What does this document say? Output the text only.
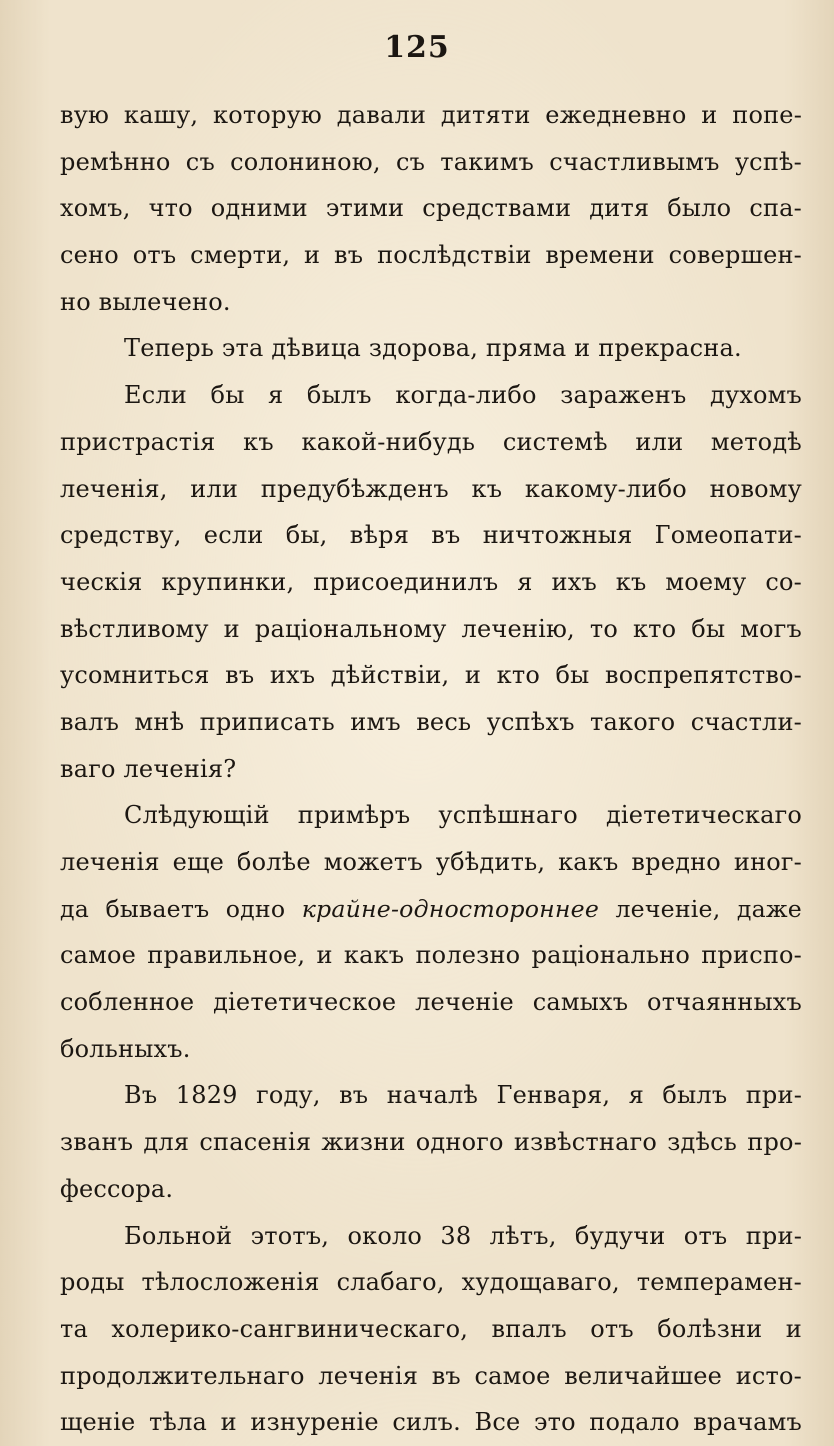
125
вую кашу, которую давали дитяти ежедневно и попе-
ремѣнно съ солониною, съ такимъ счастливымъ успѣ-
хомъ, что одними этими средствами дитя было спа-
сено отъ смерти, и въ послѣдствіи времени совершен-
но вылечено.
Теперь эта дѣвица здорова, пряма и прекрасна.
Если бы я былъ когда-либо зараженъ духомъ
пристрастія къ какой-нибудь системѣ или методѣ
леченія, или предубѣжденъ къ какому-либо новому
средству, если бы, вѣря въ ничтожныя Гомеопати-
ческія крупинки, присоединилъ я ихъ къ моему со-
вѣстливому и раціональному леченію, то кто бы могъ
усомниться въ ихъ дѣйствіи, и кто бы воспрепятство-
валъ мнѣ приписать имъ весь успѣхъ такого счастли-
ваго леченія?
Слѣдующій примѣръ успѣшнаго діететическаго
леченія еще болѣе можетъ убѣдить, какъ вредно иног-
да бываетъ одно крайне-одностороннее леченіе, даже
самое правильное, и какъ полезно раціонально приспо-
собленное діететическое леченіе самыхъ отчаянныхъ
больныхъ.
Въ 1829 году, въ началѣ Генваря, я былъ при-
званъ для спасенія жизни одного извѣстнаго здѣсь про-
фессора.
Больной этотъ, около 38 лѣтъ, будучи отъ при-
роды тѣлосложенія слабаго, худощаваго, темперамен-
та холерико-сангвиническаго, впалъ отъ болѣзни и
продолжительнаго леченія въ самое величайшее исто-
щеніе тѣла и изнуреніе силъ. Все это подало врачамъ
